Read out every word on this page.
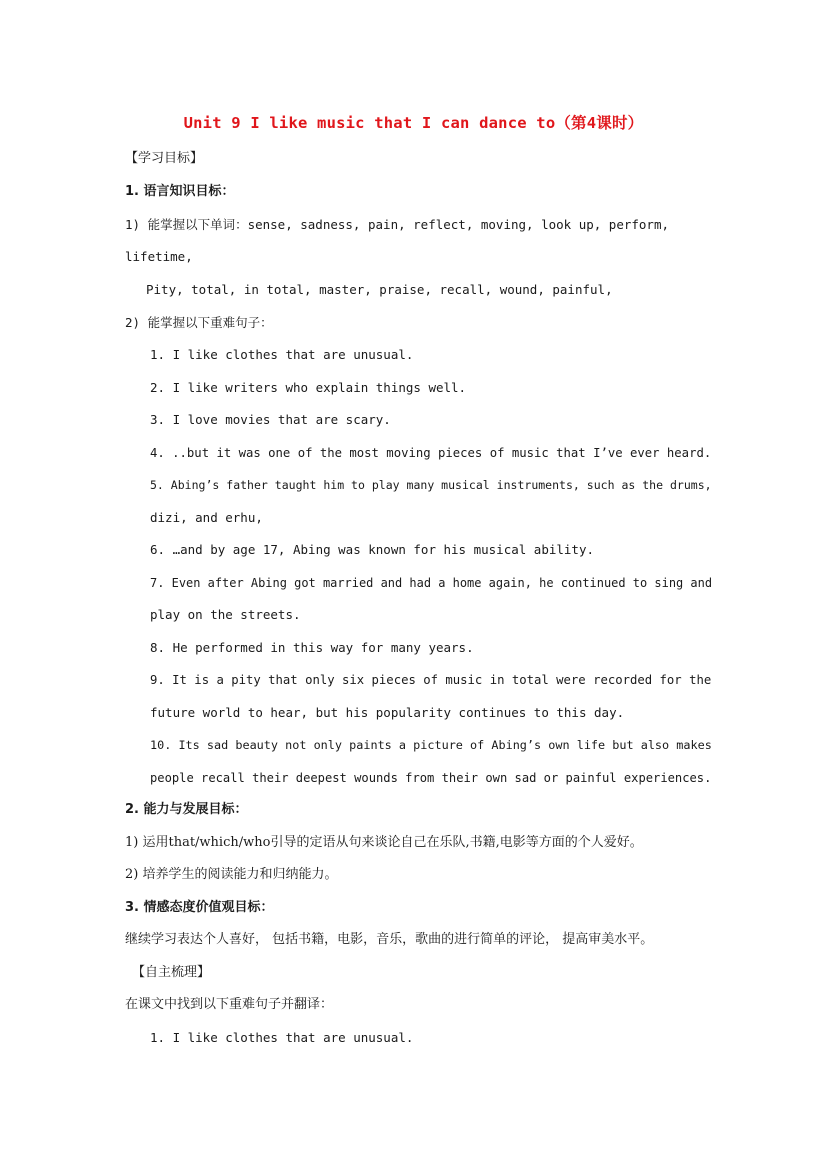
Unit 9 I like music that I can dance to（第4课时）
【学习目标】
1. 语言知识目标：
1) 能掌握以下单词：sense, sadness, pain, reflect, moving, look up, perform,
lifetime,
Pity, total, in total, master, praise, recall, wound, painful,
2) 能掌握以下重难句子：
1. I like clothes that are unusual.
2. I like writers who explain things well.
3. I love movies that are scary.
4. ..but it was one of the most moving pieces of music that I’ve ever heard.
5. Abing’s father taught him to play many musical instruments, such as the drums,
dizi, and erhu,
6. …and by age 17, Abing was known for his musical ability.
7. Even after Abing got married and had a home again, he continued to sing and
play on the streets.
8. He performed in this way for many years.
9. It is a pity that only six pieces of music in total were recorded for the
future world to hear, but his popularity continues to this day.
10. Its sad beauty not only paints a picture of Abing’s own life but also makes
people recall their deepest wounds from their own sad or painful experiences.
2. 能力与发展目标：
1) 运用that/which/who引导的定语从句来谈论自己在乐队,书籍,电影等方面的个人爱好。
2) 培养学生的阅读能力和归纳能力。
3. 情感态度价值观目标：
继续学习表达个人喜好， 包括书籍，电影，音乐，歌曲的进行简单的评论， 提高审美水平。
【自主梳理】
在课文中找到以下重难句子并翻译：
1. I like clothes that are unusual.
